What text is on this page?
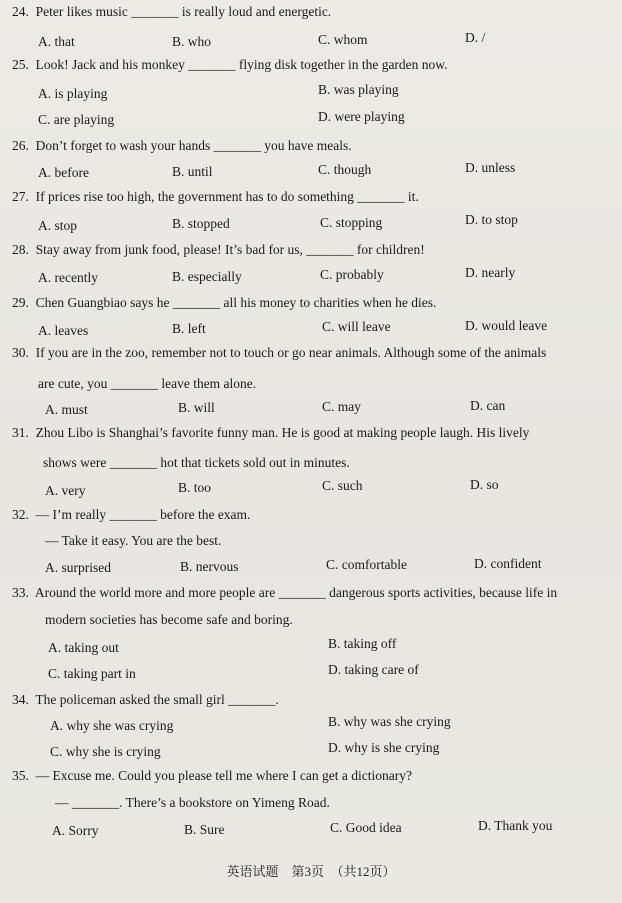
24. Peter likes music _______ is really loud and energetic.
A. that	B. who	C. whom	D. /
25. Look! Jack and his monkey _______ flying disk together in the garden now.
A. is playing	B. was playing
C. are playing	D. were playing
26. Don’t forget to wash your hands _______ you have meals.
A. before	B. until	C. though	D. unless
27. If prices rise too high, the government has to do something _______ it.
A. stop	B. stopped	C. stopping	D. to stop
28. Stay away from junk food, please! It’s bad for us, _______ for children!
A. recently	B. especially	C. probably	D. nearly
29. Chen Guangbiao says he _______ all his money to charities when he dies.
A. leaves	B. left	C. will leave	D. would leave
30. If you are in the zoo, remember not to touch or go near animals. Although some of the animals
are cute, you _______ leave them alone.
A. must	B. will	C. may	D. can
31. Zhou Libo is Shanghai’s favorite funny man. He is good at making people laugh. His lively
shows were _______ hot that tickets sold out in minutes.
A. very	B. too	C. such	D. so
32. — I’m really _______ before the exam.
— Take it easy. You are the best.
A. surprised	B. nervous	C. comfortable	D. confident
33. Around the world more and more people are _______ dangerous sports activities, because life in
modern societies has become safe and boring.
A. taking out	B. taking off
C. taking part in	D. taking care of
34. The policeman asked the small girl _______.
A. why she was crying	B. why was she crying
C. why she is crying	D. why is she crying
35. — Excuse me. Could you please tell me where I can get a dictionary?
— _______. There’s a bookstore on Yimeng Road.
A. Sorry	B. Sure	C. Good idea	D. Thank you
英语试题　第3页　（共12页）
